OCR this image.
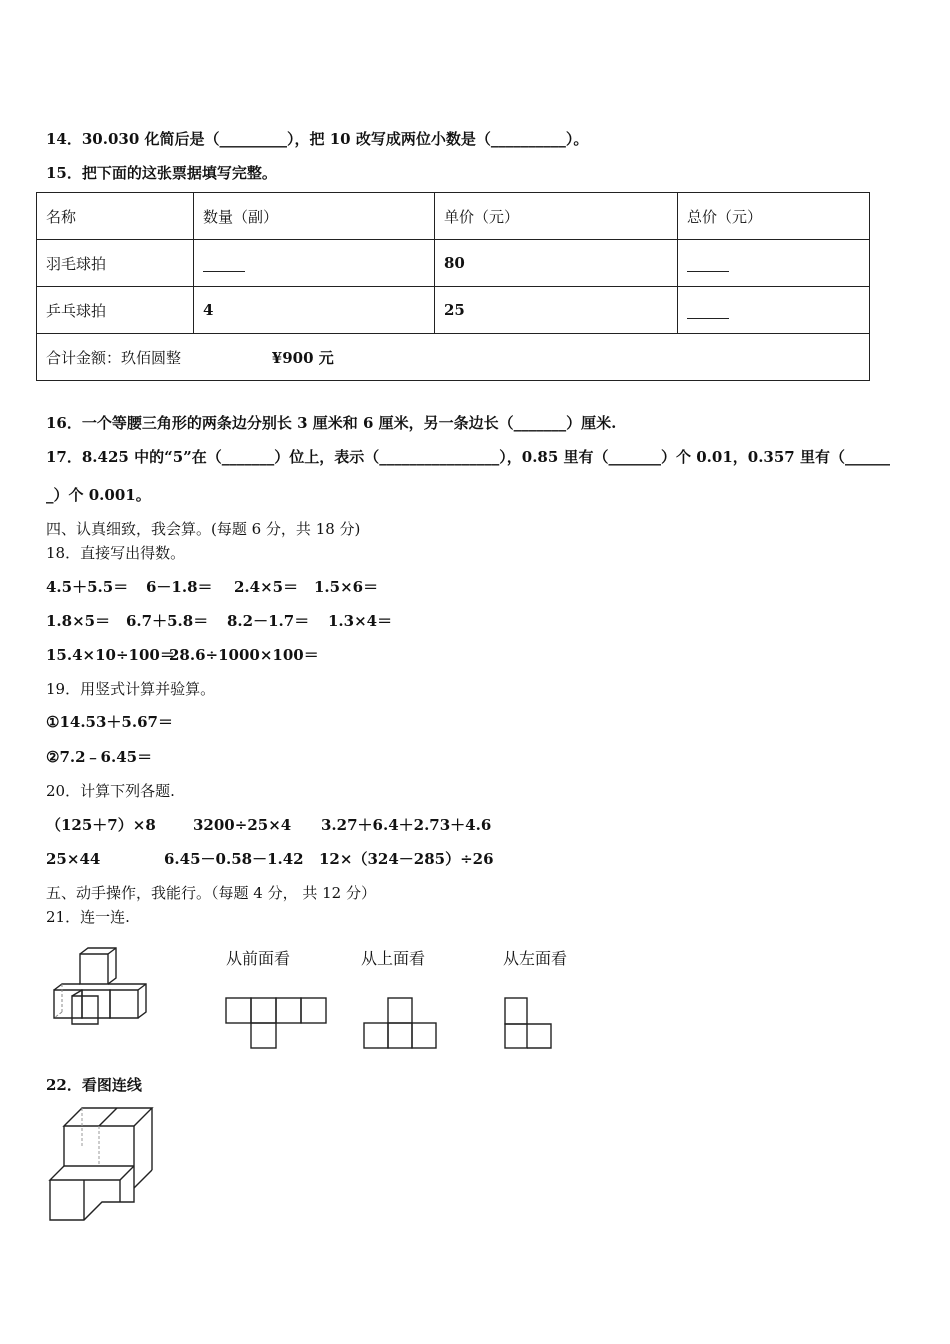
14．30.030 化简后是（_________），把 10 改写成两位小数是（__________）。
15．把下面的这张票据填写完整。
名称	数量（副）	单价（元）	总价（元）
羽毛球拍		80	
乒乓球拍	4	25	
合计金额：玖佰圆整 ¥900 元			
16．一个等腰三角形的两条边分别长 3 厘米和 6 厘米，另一条边长（_______）厘米.
17．8.425 中的“5”在（_______）位上，表示（________________），0.85 里有（_______）个 0.01，0.357 里有（______
_）个 0.001。
四、认真细致，我会算。(每题 6 分，共 18 分)
18．直接写出得数。
4.5＋5.5＝ 6－1.8＝ 2.4×5＝ 1.5×6＝
1.8×5＝ 6.7＋5.8＝ 8.2－1.7＝ 1.3×4＝
15.4×10÷100＝28.6÷1000×100＝
19．用竖式计算并验算。
①14.53＋5.67＝
②7.2﹣6.45＝
20．计算下列各题.
（125＋7）×8 3200÷25×4 3.27＋6.4＋2.73＋4.6
25×44	6.45－0.58－1.42 12×（324－285）÷26
五、动手操作，我能行。（每题 4 分， 共 12 分）
21．连一连.
从前面看	从上面看	从左面看
22．看图连线
